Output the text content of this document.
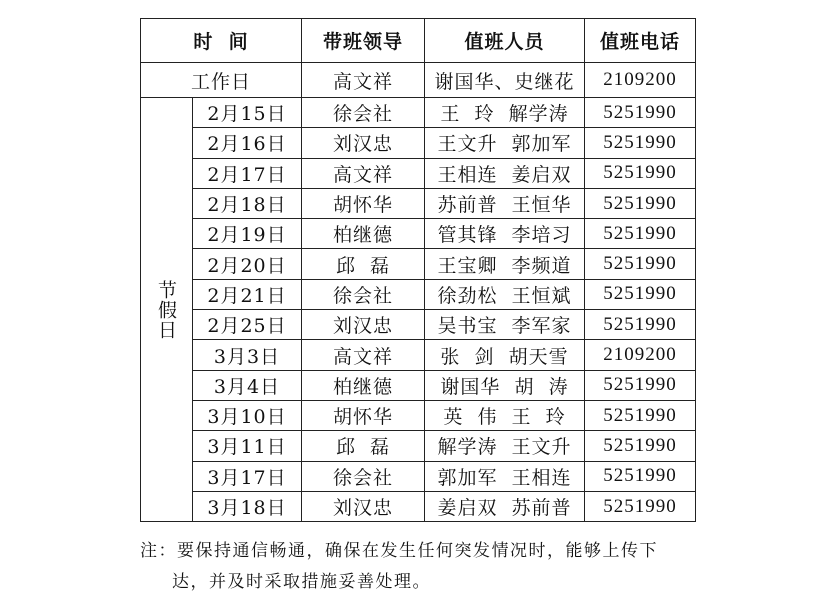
时  间		带班领导	值班人员	值班电话
工作日		高文祥	谢国华、史继花	2109200
节假日	2月15日	徐会社	王  玲  解学涛	5251990
	2月16日	刘汉忠	王文升  郭加军	5251990
	2月17日	高文祥	王相连  姜启双	5251990
	2月18日	胡怀华	苏前普  王恒华	5251990
	2月19日	柏继德	管其锋  李培习	5251990
	2月20日	邱  磊	王宝卿  李频道	5251990
	2月21日	徐会社	徐劲松  王恒斌	5251990
	2月25日	刘汉忠	吴书宝  李军家	5251990
	3月3日	高文祥	张  剑  胡天雪	2109200
	3月4日	柏继德	谢国华  胡  涛	5251990
	3月10日	胡怀华	英  伟  王  玲	5251990
	3月11日	邱  磊	解学涛  王文升	5251990
	3月17日	徐会社	郭加军  王相连	5251990
	3月18日	刘汉忠	姜启双  苏前普	5251990
注：要保持通信畅通，确保在发生任何突发情况时，能够上传下
达，并及时采取措施妥善处理。
